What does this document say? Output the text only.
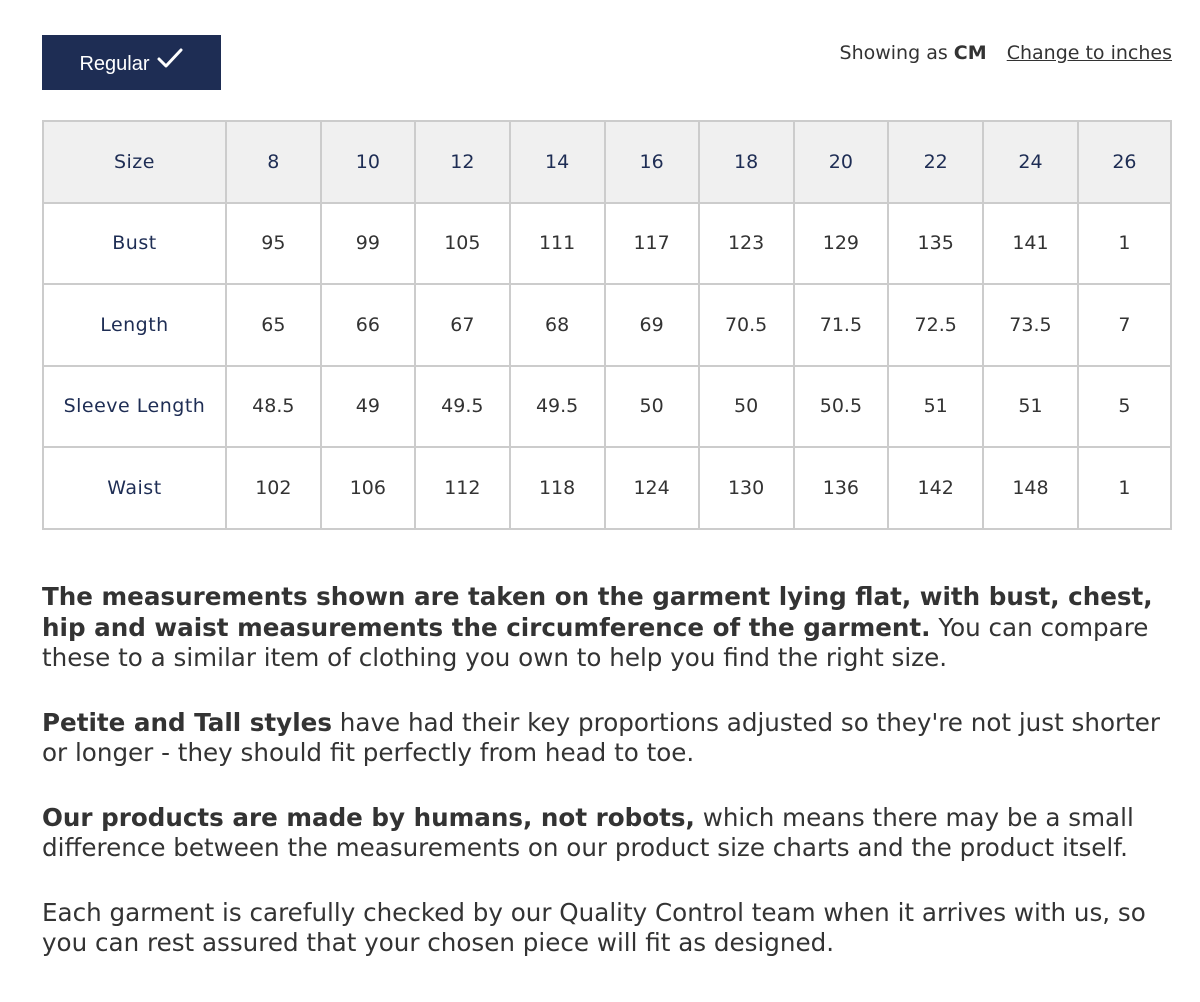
Regular	Showing as CM Change to inches
Size	8	10	12	14	16	18	20	22	24	26
Bust	95	99	105	111	117	123	129	135	141	1
Length	65	66	67	68	69	70.5	71.5	72.5	73.5	7
Sleeve Length	48.5	49	49.5	49.5	50	50	50.5	51	51	5
Waist	102	106	112	118	124	130	136	142	148	1

The measurements shown are taken on the garment lying flat, with bust, chest, hip and waist measurements the circumference of the garment. You can compare these to a similar item of clothing you own to help you find the right size.

Petite and Tall styles have had their key proportions adjusted so they're not just shorter or longer - they should fit perfectly from head to toe.

Our products are made by humans, not robots, which means there may be a small difference between the measurements on our product size charts and the product itself.

Each garment is carefully checked by our Quality Control team when it arrives with us, so you can rest assured that your chosen piece will fit as designed.
